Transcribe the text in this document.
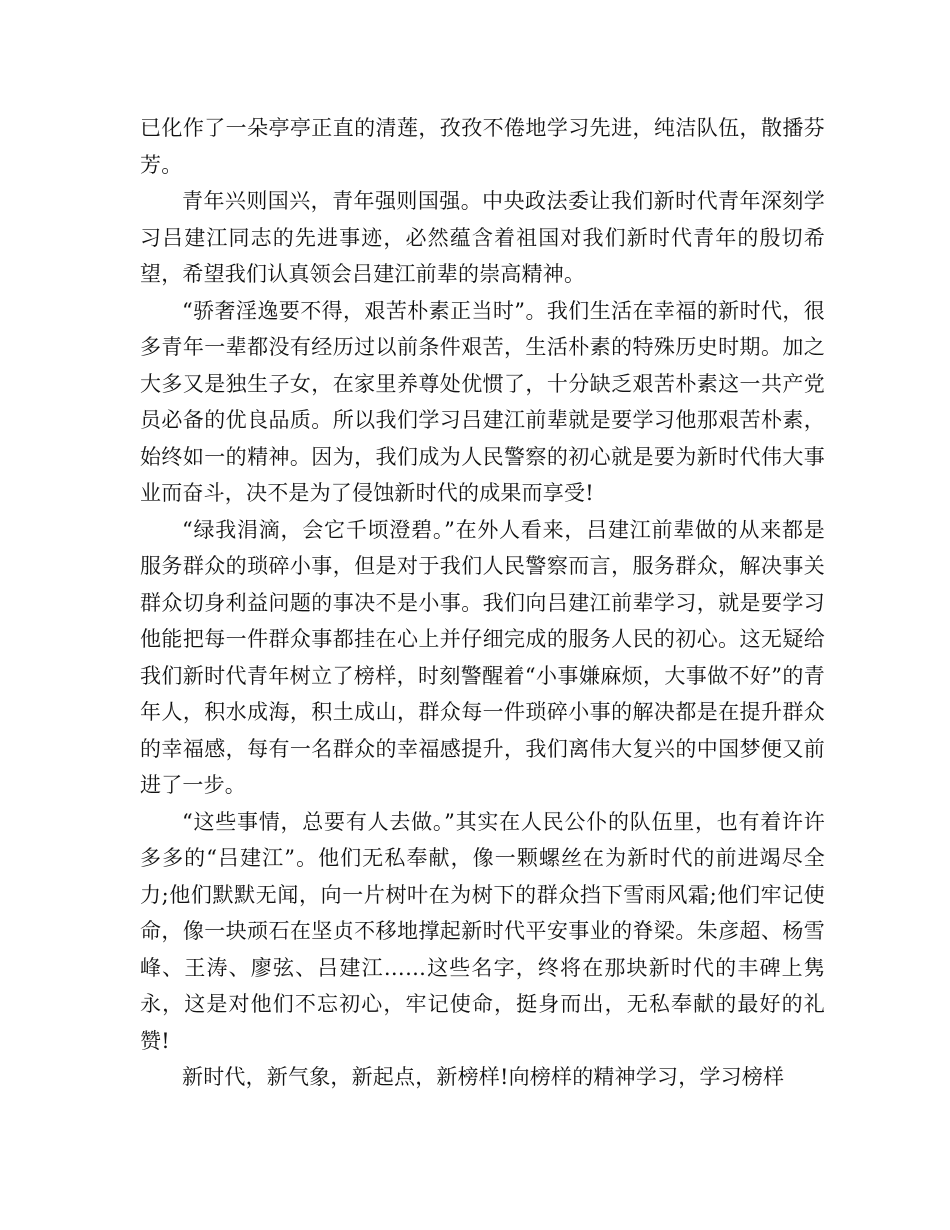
已化作了一朵亭亭正直的清莲，孜孜不倦地学习先进，纯洁队伍，散播芬芳。

青年兴则国兴，青年强则国强。中央政法委让我们新时代青年深刻学习吕建江同志的先进事迹，必然蕴含着祖国对我们新时代青年的殷切希望，希望我们认真领会吕建江前辈的崇高精神。

“骄奢淫逸要不得，艰苦朴素正当时”。我们生活在幸福的新时代，很多青年一辈都没有经历过以前条件艰苦，生活朴素的特殊历史时期。加之大多又是独生子女，在家里养尊处优惯了，十分缺乏艰苦朴素这一共产党员必备的优良品质。所以我们学习吕建江前辈就是要学习他那艰苦朴素，始终如一的精神。因为，我们成为人民警察的初心就是要为新时代伟大事业而奋斗，决不是为了侵蚀新时代的成果而享受!

“绿我涓滴，会它千顷澄碧。”在外人看来，吕建江前辈做的从来都是服务群众的琐碎小事，但是对于我们人民警察而言，服务群众，解决事关群众切身利益问题的事决不是小事。我们向吕建江前辈学习，就是要学习他能把每一件群众事都挂在心上并仔细完成的服务人民的初心。这无疑给我们新时代青年树立了榜样，时刻警醒着“小事嫌麻烦，大事做不好”的青年人，积水成海，积土成山，群众每一件琐碎小事的解决都是在提升群众的幸福感，每有一名群众的幸福感提升，我们离伟大复兴的中国梦便又前进了一步。

“这些事情，总要有人去做。”其实在人民公仆的队伍里，也有着许许多多的“吕建江”。他们无私奉献，像一颗螺丝在为新时代的前进竭尽全力;他们默默无闻，向一片树叶在为树下的群众挡下雪雨风霜;他们牢记使命，像一块顽石在坚贞不移地撑起新时代平安事业的脊梁。朱彦超、杨雪峰、王涛、廖弦、吕建江……这些名字，终将在那块新时代的丰碑上隽永，这是对他们不忘初心，牢记使命，挺身而出，无私奉献的最好的礼赞!

新时代，新气象，新起点，新榜样!向榜样的精神学习，学习榜样
